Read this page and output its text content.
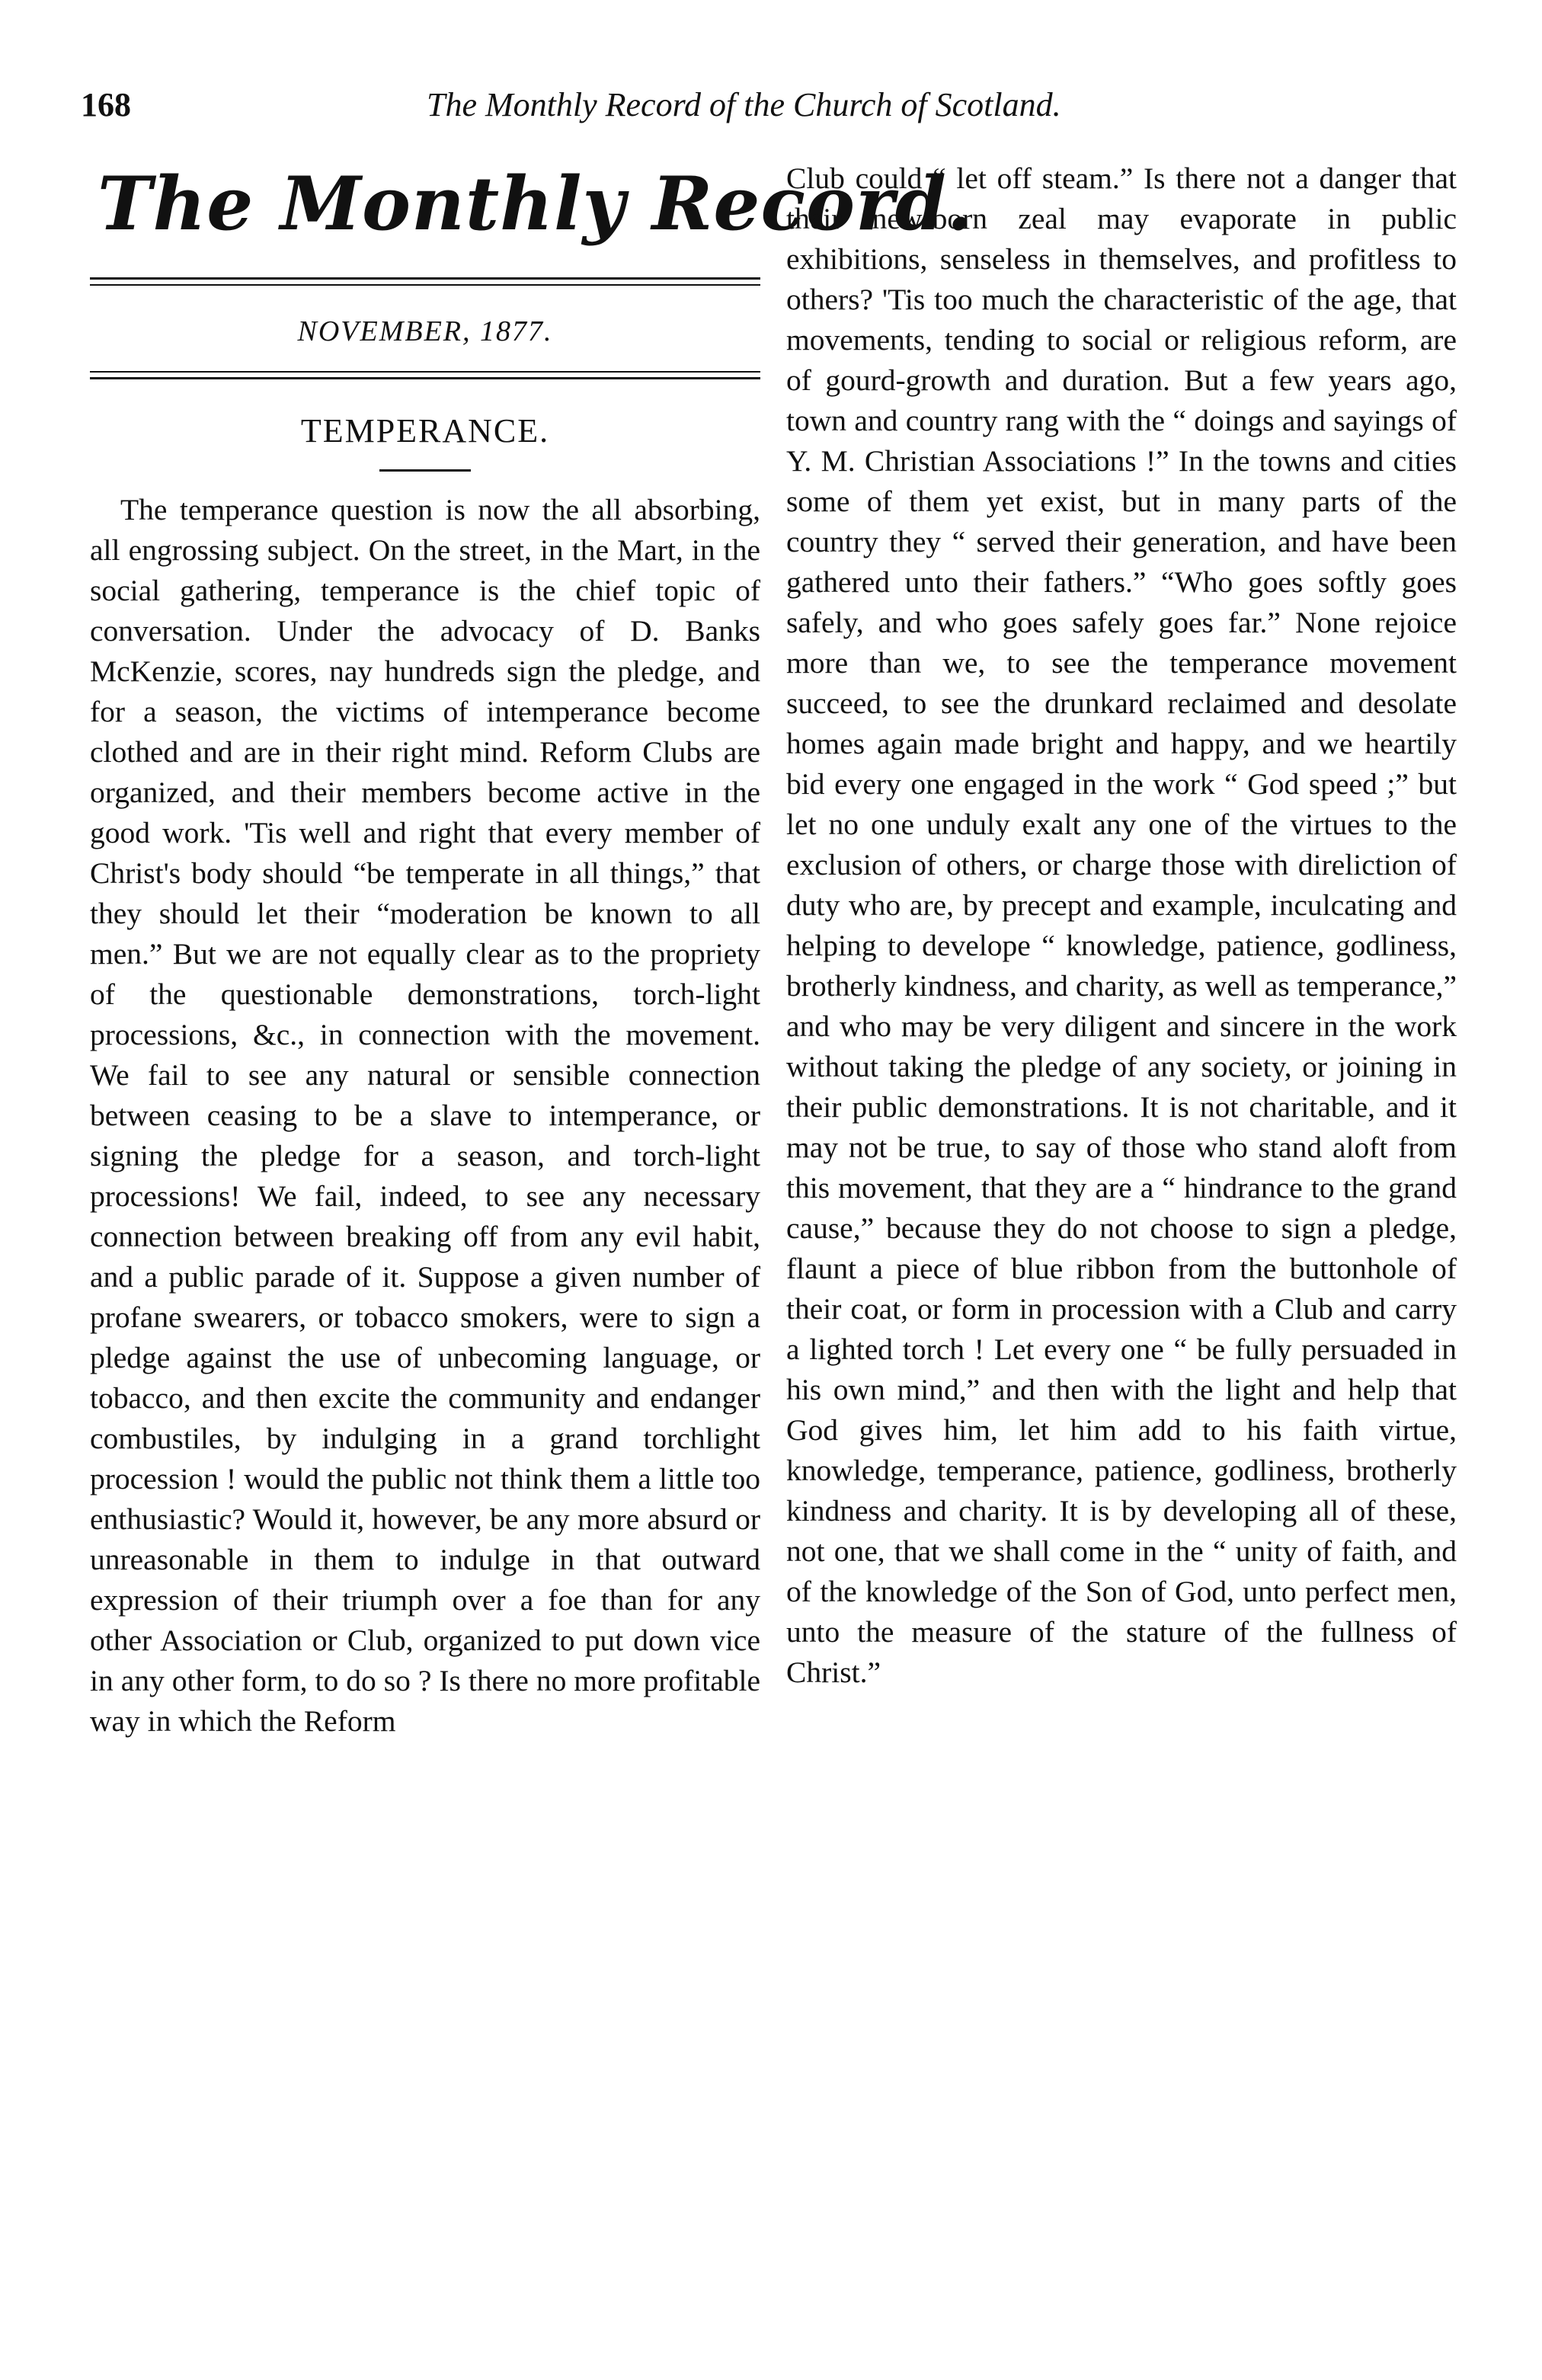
168	The Monthly Record of the Church of Scotland.
The Monthly Record.
NOVEMBER, 1877.
TEMPERANCE.

The temperance question is now the all absorbing, all engrossing subject. On the street, in the Mart, in the social gathering, temperance is the chief topic of conversation. Under the advocacy of D. Banks McKenzie, scores, nay hundreds sign the pledge, and for a season, the victims of intemperance become clothed and are in their right mind. Reform Clubs are organized, and their members become active in the good work. 'Tis well and right that every member of Christ's body should “be temperate in all things,” that they should let their “moderation be known to all men.” But we are not equally clear as to the propriety of the questionable demonstrations, torch-light processions, &c., in connection with the movement. We fail to see any natural or sensible connection between ceasing to be a slave to intemperance, or signing the pledge for a season, and torch-light processions! We fail, indeed, to see any necessary connection between breaking off from any evil habit, and a public parade of it. Suppose a given number of profane swearers, or tobacco smokers, were to sign a pledge against the use of unbecoming language, or tobacco, and then excite the community and endanger combustiles, by indulging in a grand torchlight procession ! would the public not think them a little too enthusiastic? Would it, however, be any more absurd or unreasonable in them to indulge in that outward expression of their triumph over a foe than for any other Association or Club, organized to put down vice in any other form, to do so ? Is there no more profitable way in which the Reform

Club could “ let off steam.” Is there not a danger that their new-born zeal may evaporate in public exhibitions, senseless in themselves, and profitless to others? 'Tis too much the characteristic of the age, that movements, tending to social or religious reform, are of gourd-growth and duration. But a few years ago, town and country rang with the “ doings and sayings of Y. M. Christian Associations !” In the towns and cities some of them yet exist, but in many parts of the country they “ served their generation, and have been gathered unto their fathers.” “Who goes softly goes safely, and who goes safely goes far.” None rejoice more than we, to see the temperance movement succeed, to see the drunkard reclaimed and desolate homes again made bright and happy, and we heartily bid every one engaged in the work “ God speed ;” but let no one unduly exalt any one of the virtues to the exclusion of others, or charge those with direliction of duty who are, by precept and example, inculcating and helping to develope “ knowledge, patience, godliness, brotherly kindness, and charity, as well as temperance,” and who may be very diligent and sincere in the work without taking the pledge of any society, or joining in their public demonstrations. It is not charitable, and it may not be true, to say of those who stand aloft from this movement, that they are a “ hindrance to the grand cause,” because they do not choose to sign a pledge, flaunt a piece of blue ribbon from the buttonhole of their coat, or form in procession with a Club and carry a lighted torch ! Let every one “ be fully persuaded in his own mind,” and then with the light and help that God gives him, let him add to his faith virtue, knowledge, temperance, patience, godliness, brotherly kindness and charity. It is by developing all of these, not one, that we shall come in the “ unity of faith, and of the knowledge of the Son of God, unto perfect men, unto the measure of the stature of the fullness of Christ.”
